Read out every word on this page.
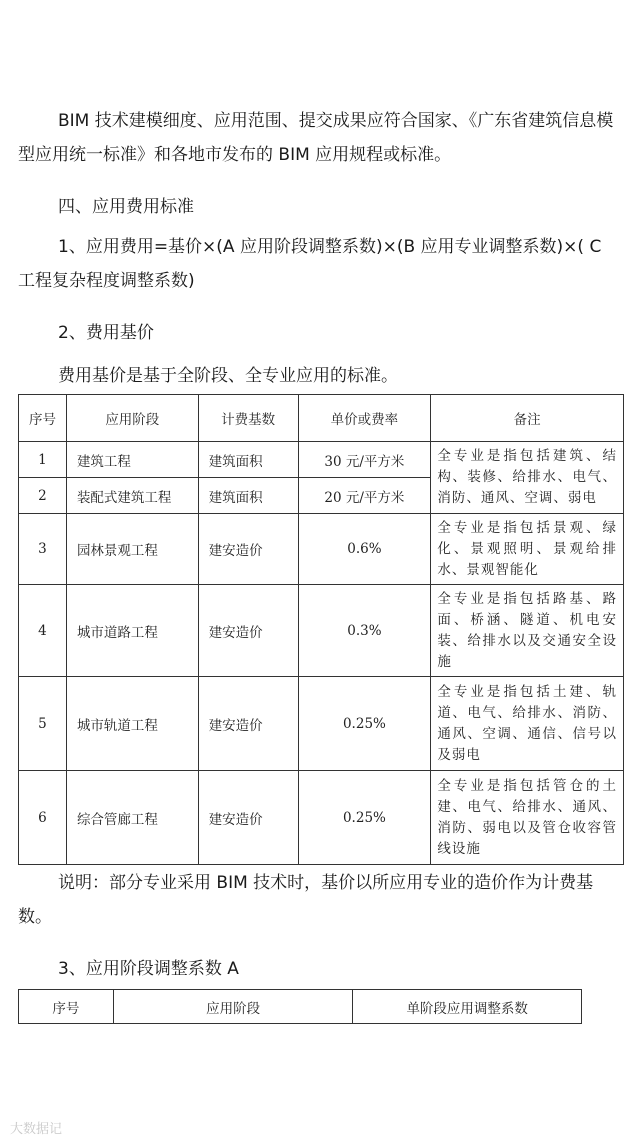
BIM 技术建模细度、应用范围、提交成果应符合国家、《广东省建筑信息模型应用统一标准》和各地市发布的 BIM 应用规程或标准。

四、应用费用标准

1、应用费用=基价×(A 应用阶段调整系数)×(B 应用专业调整系数)×( C 工程复杂程度调整系数)

2、费用基价

费用基价是基于全阶段、全专业应用的标准。

序号	应用阶段	计费基数	单价或费率	备注
1	建筑工程	建筑面积	30 元/平方米	全专业是指包括建筑、结构、装修、给排水、电气、消防、通风、空调、弱电
2	装配式建筑工程	建筑面积	20 元/平方米	
3	园林景观工程	建安造价	0.6%	全专业是指包括景观、绿化、景观照明、景观给排水、景观智能化
4	城市道路工程	建安造价	0.3%	全专业是指包括路基、路面、桥涵、隧道、机电安装、给排水以及交通安全设施
5	城市轨道工程	建安造价	0.25%	全专业是指包括土建、轨道、电气、给排水、消防、通风、空调、通信、信号以及弱电
6	综合管廊工程	建安造价	0.25%	全专业是指包括管仓的土建、电气、给排水、通风、消防、弱电以及管仓收容管线设施

说明：部分专业采用 BIM 技术时，基价以所应用专业的造价作为计费基数。

3、应用阶段调整系数 A

序号	应用阶段	单阶段应用调整系数
大数据记
